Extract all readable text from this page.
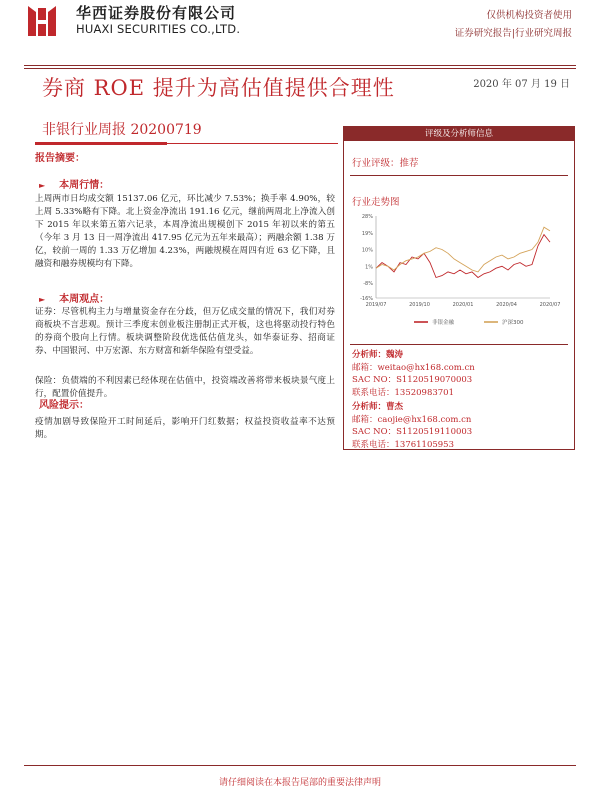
华西证券股份有限公司
HUAXI SECURITIES CO.,LTD.
仅供机构投资者使用
证券研究报告|行业研究周报
券商 ROE 提升为高估值提供合理性	2020 年 07 月 19 日
非银行业周报 20200719
报告摘要：
► 本周行情：
上周两市日均成交额 15137.06 亿元，环比减少 7.53%；换手率 4.90%，较上周 5.33%略有下降。北上资金净流出 191.16 亿元，继前两周北上净流入创下 2015 年以来第五第六记录，本周净流出规模创下 2015 年初以来的第五（今年 3 月 13 日一周净流出 417.95 亿元为五年来最高）；两融余额 1.38 万亿，较前一周的 1.33 万亿增加 4.23%，两融规模在周四有近 63 亿下降，且融资和融券规模均有下降。
► 本周观点：
证券：尽管机构主力与增量资金存在分歧，但万亿成交量的情况下，我们对券商板块不言悲观。预计三季度末创业板注册制正式开板，这也将驱动投行特色的券商个股向上行情。板块调整阶段优选低估值龙头，如华泰证券、招商证券、中国银河、中万宏源、东方财富和新华保险有望受益。
保险：负债端的不利因素已经体现在估值中，投资端改善将带来板块景气度上行，配置价值提升。
风险提示：
疫情加剧导致保险开工时间延后，影响开门红数据；权益投资收益率不达预期。
评级及分析师信息
行业评级：推荐
行业走势图
28%
19%
10%
1%
-8%
-16%
2019/07	2019/10	2020/01	2020/04	2020/07
非银金融	沪深300
分析师：魏涛
邮箱：weitao@hx168.com.cn
SAC NO：S1120519070003
联系电话：13520983701
分析师：曹杰
邮箱：caojie@hx168.com.cn
SAC NO：S1120519110003
联系电话：13761105953
请仔细阅读在本报告尾部的重要法律声明
